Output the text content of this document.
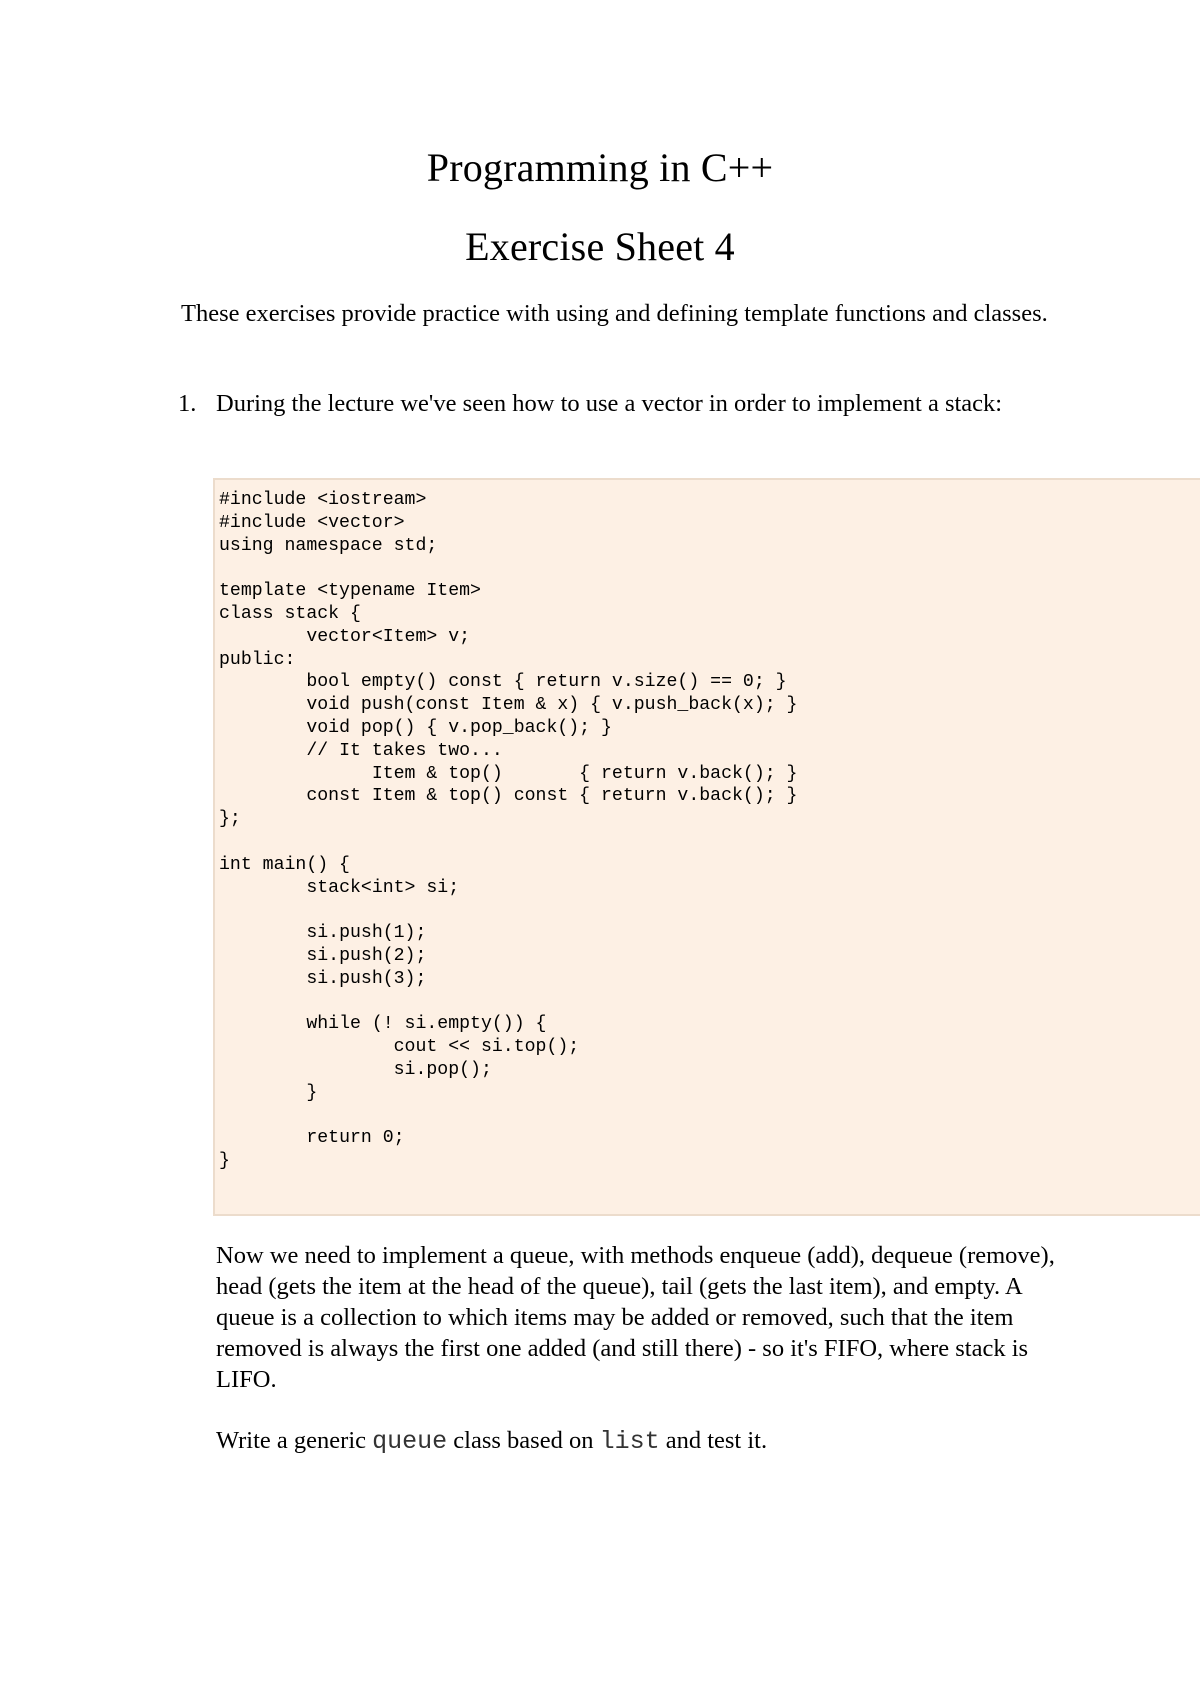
Programming in C++
Exercise Sheet 4
These exercises provide practice with using and defining template functions and classes.
1. During the lecture we've seen how to use a vector in order to implement a stack:
#include <iostream>
#include <vector>
using namespace std;

template <typename Item>
class stack {
	vector<Item> v;
public:
	bool empty() const { return v.size() == 0; }
	void push(const Item & x) { v.push_back(x); }
	void pop() { v.pop_back(); }
	// It takes two...
	Item & top()       { return v.back(); }
	const Item & top() const { return v.back(); }
};

int main() {
	stack<int> si;

	si.push(1);
	si.push(2);
	si.push(3);

	while (! si.empty()) {
		cout << si.top();
		si.pop();
	}

	return 0;
}
Now we need to implement a queue, with methods enqueue (add), dequeue (remove), head (gets the item at the head of the queue), tail (gets the last item), and empty. A queue is a collection to which items may be added or removed, such that the item removed is always the first one added (and still there) - so it's FIFO, where stack is LIFO.
Write a generic queue class based on list and test it.
